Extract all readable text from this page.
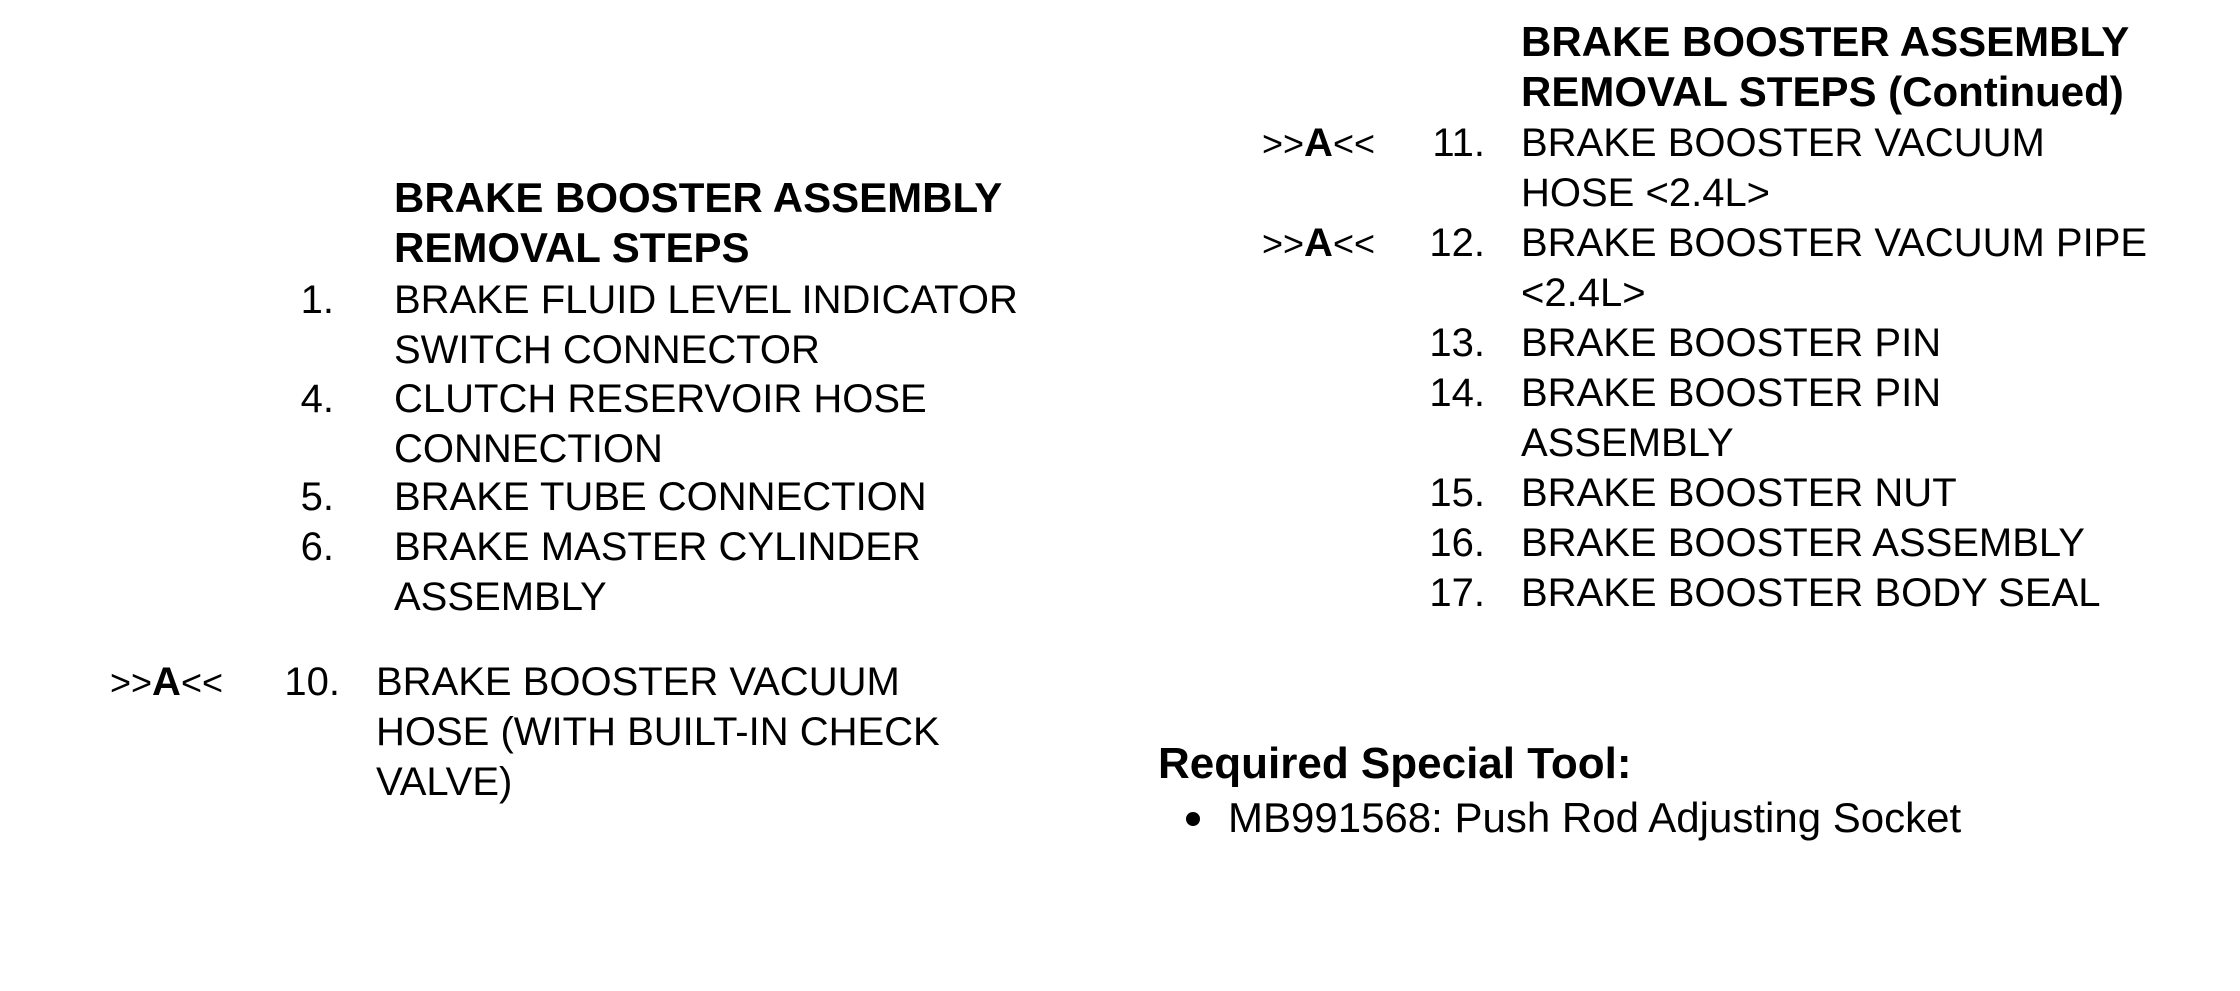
BRAKE BOOSTER ASSEMBLY
REMOVAL STEPS
1. BRAKE FLUID LEVEL INDICATOR
SWITCH CONNECTOR
4. CLUTCH RESERVOIR HOSE
CONNECTION
5. BRAKE TUBE CONNECTION
6. BRAKE MASTER CYLINDER
ASSEMBLY
>>A<<	10. BRAKE BOOSTER VACUUM
HOSE (WITH BUILT-IN CHECK
VALVE)
BRAKE BOOSTER ASSEMBLY
REMOVAL STEPS (Continued)
>>A<<	11. BRAKE BOOSTER VACUUM
HOSE <2.4L>
>>A<<	12. BRAKE BOOSTER VACUUM PIPE
<2.4L>
13. BRAKE BOOSTER PIN
14. BRAKE BOOSTER PIN
ASSEMBLY
15. BRAKE BOOSTER NUT
16. BRAKE BOOSTER ASSEMBLY
17. BRAKE BOOSTER BODY SEAL
Required Special Tool:
MB991568: Push Rod Adjusting Socket
